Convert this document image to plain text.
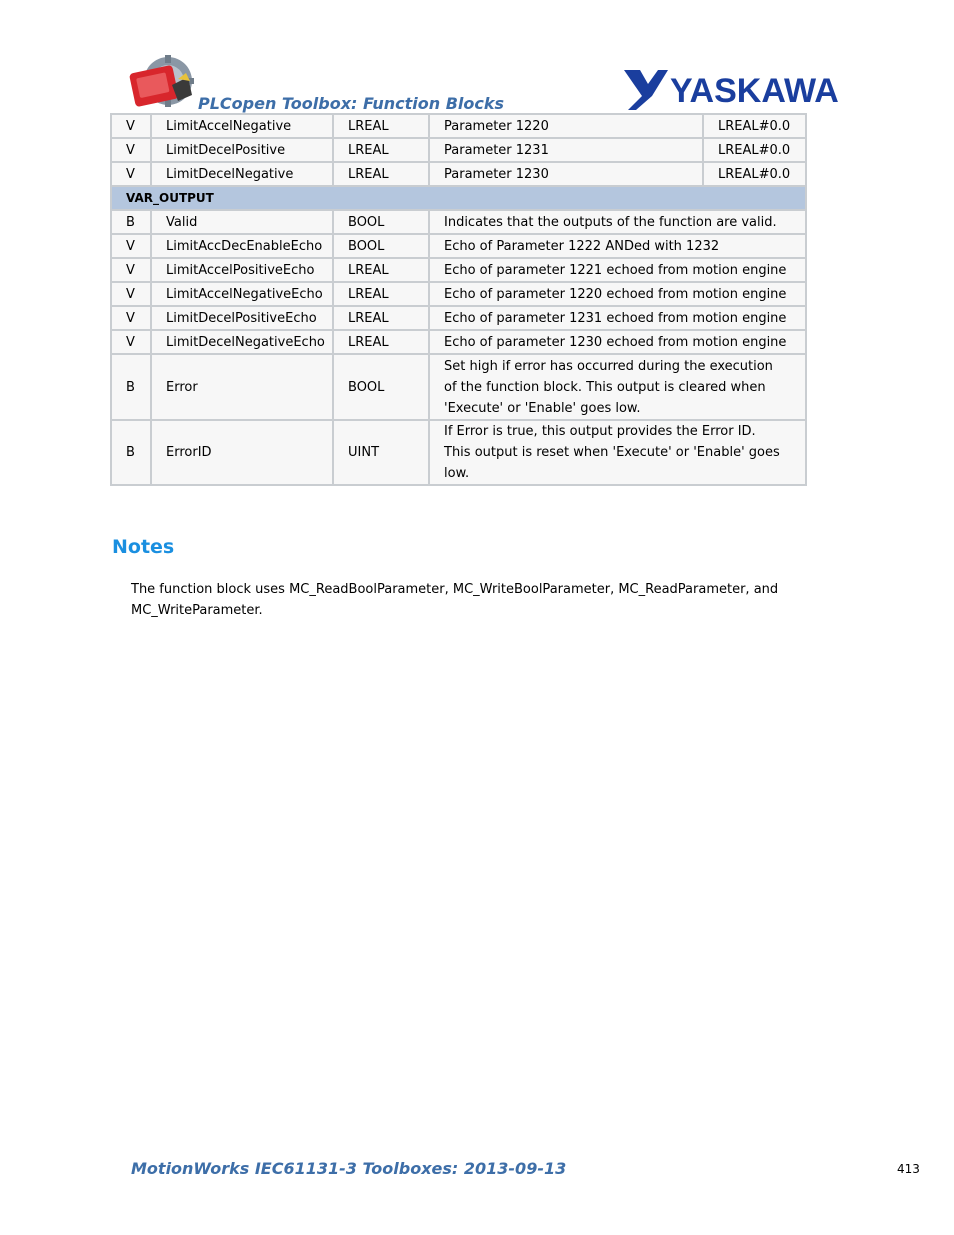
PLCopen Toolbox: Function Blocks	YASKAWA
V	LimitAccelNegative	LREAL	Parameter 1220	LREAL#0.0
V	LimitDecelPositive	LREAL	Parameter 1231	LREAL#0.0
V	LimitDecelNegative	LREAL	Parameter 1230	LREAL#0.0
VAR_OUTPUT				
B	Valid	BOOL	Indicates that the outputs of the function are valid.	
V	LimitAccDecEnableEcho	BOOL	Echo of Parameter 1222 ANDed with 1232	
V	LimitAccelPositiveEcho	LREAL	Echo of parameter 1221 echoed from motion engine	
V	LimitAccelNegativeEcho	LREAL	Echo of parameter 1220 echoed from motion engine	
V	LimitDecelPositiveEcho	LREAL	Echo of parameter 1231 echoed from motion engine	
V	LimitDecelNegativeEcho	LREAL	Echo of parameter 1230 echoed from motion engine	
B	Error	BOOL	Set high if error has occurred during the execution of the function block. This output is cleared when 'Execute' or 'Enable' goes low.	
B	ErrorID	UINT	If Error is true, this output provides the Error ID. This output is reset when 'Execute' or 'Enable' goes low.	
Notes
The function block uses MC_ReadBoolParameter, MC_WriteBoolParameter, MC_ReadParameter, and MC_WriteParameter.
MotionWorks IEC61131-3 Toolboxes: 2013-09-13	413
